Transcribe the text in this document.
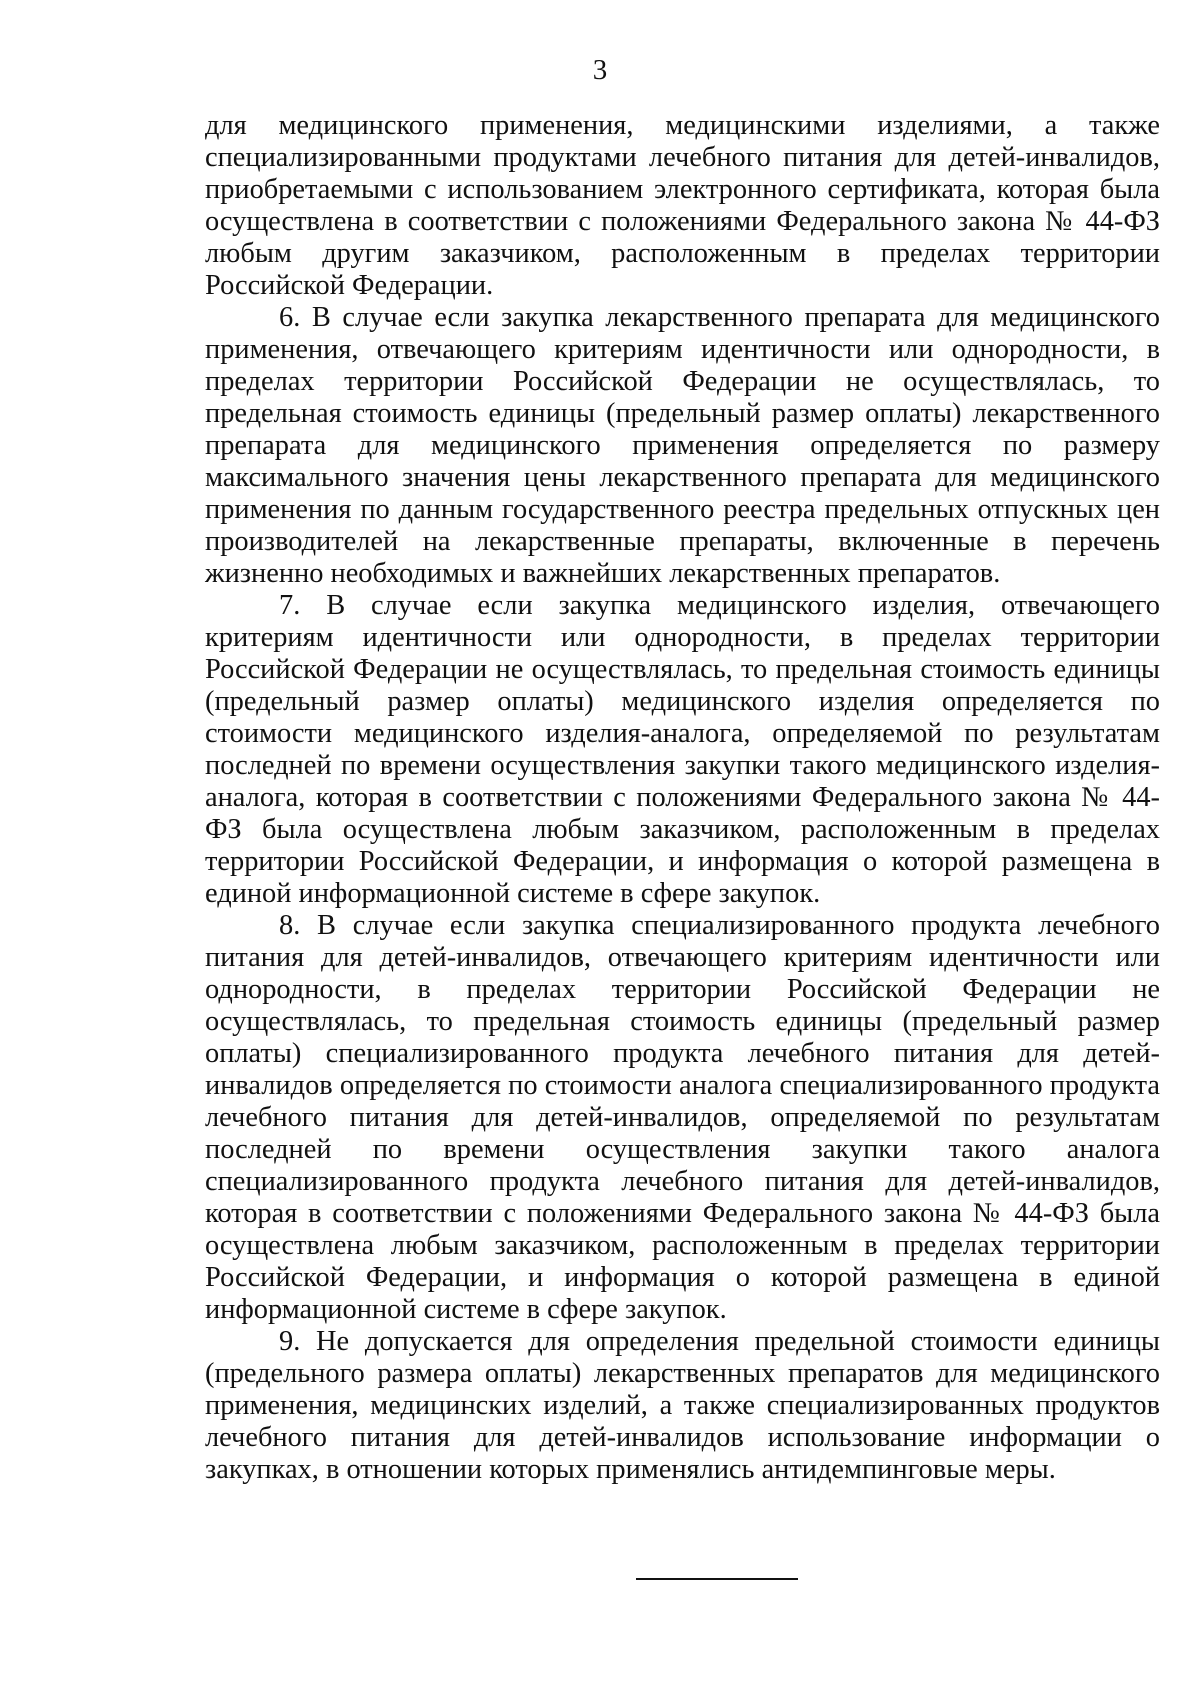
3

для медицинского применения, медицинскими изделиями, а также специализированными продуктами лечебного питания для детей-инвалидов, приобретаемыми с использованием электронного сертификата, которая была осуществлена в соответствии с положениями Федерального закона № 44-ФЗ любым другим заказчиком, расположенным в пределах территории Российской Федерации.

6. В случае если закупка лекарственного препарата для медицинского применения, отвечающего критериям идентичности или однородности, в пределах территории Российской Федерации не осуществлялась, то предельная стоимость единицы (предельный размер оплаты) лекарственного препарата для медицинского применения определяется по размеру максимального значения цены лекарственного препарата для медицинского применения по данным государственного реестра предельных отпускных цен производителей на лекарственные препараты, включенные в перечень жизненно необходимых и важнейших лекарственных препаратов.

7. В случае если закупка медицинского изделия, отвечающего критериям идентичности или однородности, в пределах территории Российской Федерации не осуществлялась, то предельная стоимость единицы (предельный размер оплаты) медицинского изделия определяется по стоимости медицинского изделия-аналога, определяемой по результатам последней по времени осуществления закупки такого медицинского изделия-аналога, которая в соответствии с положениями Федерального закона № 44-ФЗ была осуществлена любым заказчиком, расположенным в пределах территории Российской Федерации, и информация о которой размещена в единой информационной системе в сфере закупок.

8. В случае если закупка специализированного продукта лечебного питания для детей-инвалидов, отвечающего критериям идентичности или однородности, в пределах территории Российской Федерации не осуществлялась, то предельная стоимость единицы (предельный размер оплаты) специализированного продукта лечебного питания для детей-инвалидов определяется по стоимости аналога специализированного продукта лечебного питания для детей-инвалидов, определяемой по результатам последней по времени осуществления закупки такого аналога специализированного продукта лечебного питания для детей-инвалидов, которая в соответствии с положениями Федерального закона № 44-ФЗ была осуществлена любым заказчиком, расположенным в пределах территории Российской Федерации, и информация о которой размещена в единой информационной системе в сфере закупок.

9. Не допускается для определения предельной стоимости единицы (предельного размера оплаты) лекарственных препаратов для медицинского применения, медицинских изделий, а также специализированных продуктов лечебного питания для детей-инвалидов использование информации о закупках, в отношении которых применялись антидемпинговые меры.
